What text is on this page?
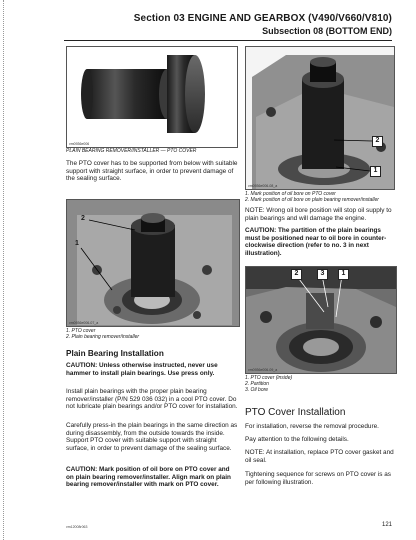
Section 03 ENGINE AND GEARBOX (V490/V660/V810)
Subsection 08 (BOTTOM END)
vm0936e006
PLAIN BEARING REMOVER/INSTALLER — PTO COVER
The PTO cover has to be supported from below with suitable support with straight surface, in order to prevent damage of the sealing surface.
2
1
vm0936e006-07_a
1. PTO cover
2. Plain bearing remover/installer
Plain Bearing Installation
CAUTION: Unless otherwise instructed, never use hammer to install plain bearings. Use press only.
Install plain bearings with the proper plain bearing remover/installer (P/N 529 036 032) in a cool PTO cover. Do not lubricate plain bearings and/or PTO cover for installation.
Carefully press-in the plain bearings in the same direction as during disassembly, from the outside towards the inside. Support PTO cover with suitable support with straight surface, in order to prevent damage of the sealing surface.
CAUTION: Mark position of oil bore on PTO cover and on plain bearing remover/installer. Align mark on plain bearing remover/installer with mark on PTO cover.
2
1
vm0936e006-08_a
1. Mark position of oil bore on PTO cover
2. Mark position of oil bore on plain bearing remover/installer
NOTE: Wrong oil bore position will stop oil supply to plain bearings and will damage the engine.
CAUTION: The partition of the plain bearings must be positioned near to oil bore in counter-clockwise direction (refer to no. 3 in next illustration).
2	3	1
vm0936e006-09_a
1. PTO cover (inside)
2. Partition
3. Oil bore
PTO Cover Installation
For installation, reverse the removal procedure.
Pay attention to the following details.
NOTE: At installation, replace PTO cover gasket and oil seal.
Tightening sequence for screws on PTO cover is as per following illustration.
vm12008r063	121
